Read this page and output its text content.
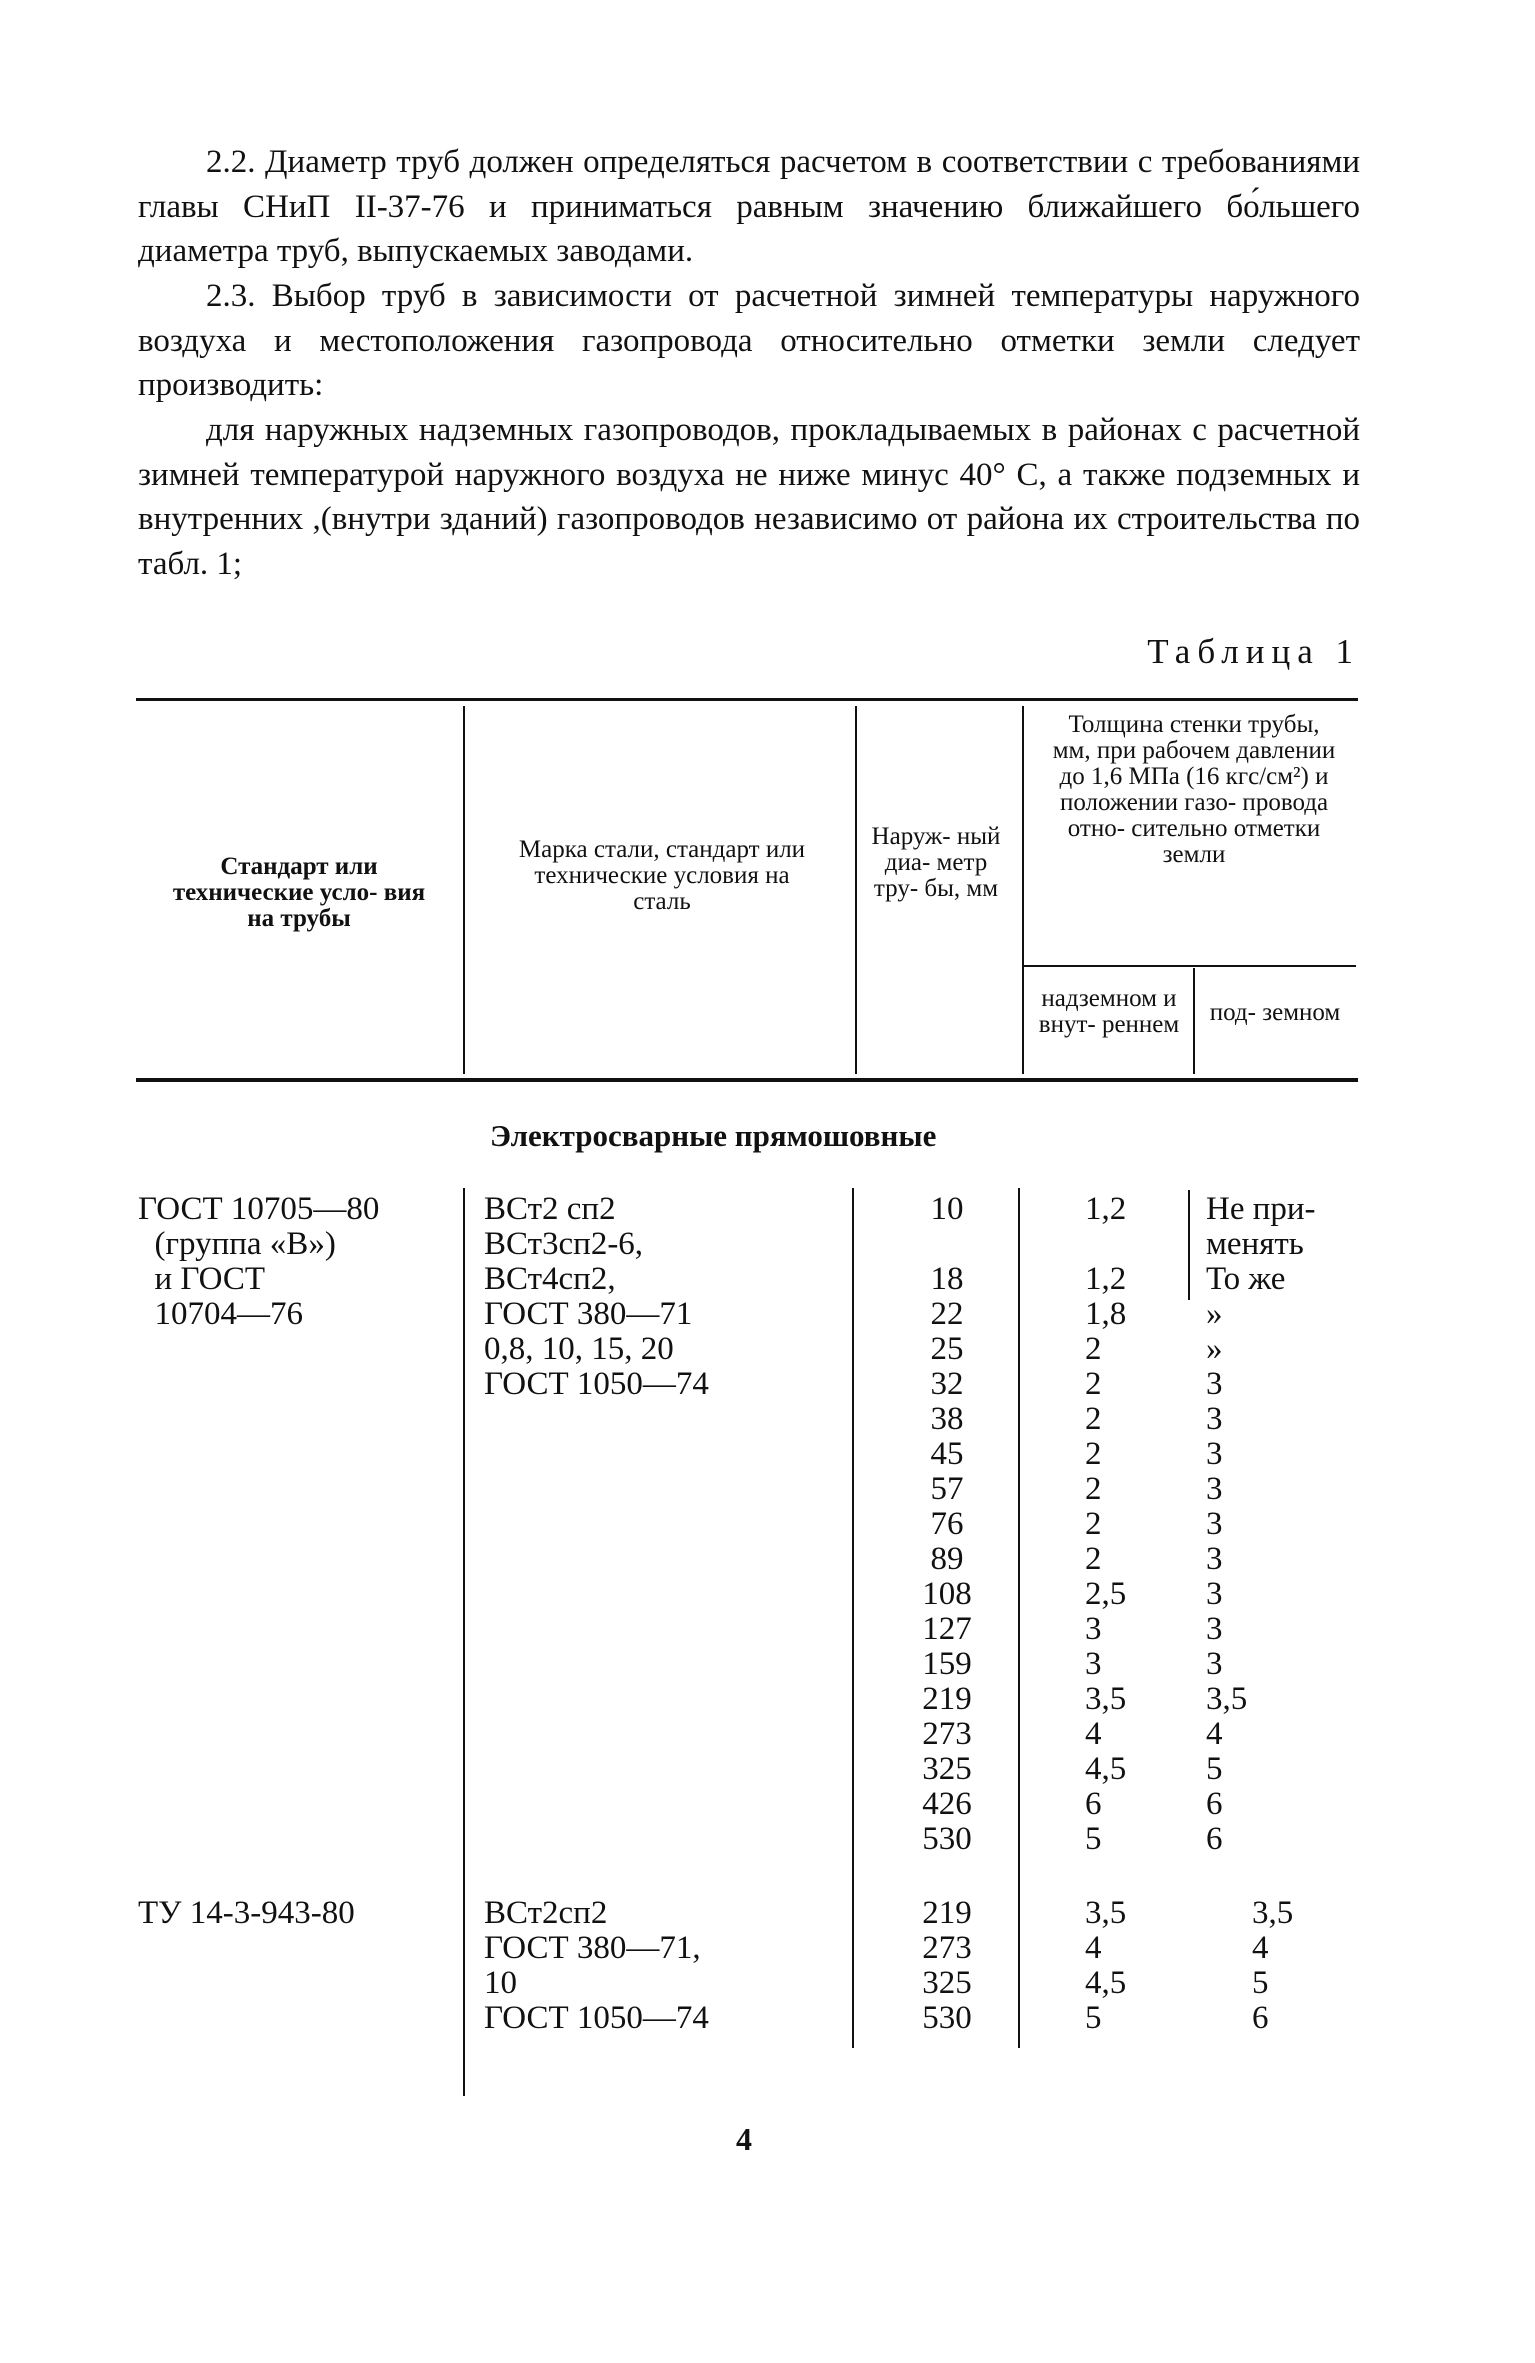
2.2. Диаметр труб должен определяться расчетом в соответствии с требованиями главы СНиП II-37-76 и приниматься равным значению ближайшего бо́льшего диаметра труб, выпускаемых заводами.

2.3. Выбор труб в зависимости от расчетной зимней температуры наружного воздуха и местоположения газопровода относительно отметки земли следует производить:

для наружных надземных газопроводов, прокладываемых в районах с расчетной зимней температурой наружного воздуха не ниже минус 40° С, а также подземных и внутренних ,(внутри зданий) газопроводов независимо от района их строительства по табл. 1;

Таблица 1
Стандарт или технические усло- вия на трубы
Марка стали, стандарт или технические условия на сталь
Наруж- ный диа- метр тру- бы, мм
Толщина стенки трубы, мм, при рабочем давлении до 1,6 МПа (16 кгс/см²) и положении газо- провода отно- сительно отметки земли
надземном и внут- реннем	под- земном
Электросварные прямошовные
ГОСТ 10705—80
(группа «В»)
и ГОСТ
10704—76
ВСт2 сп2
ВСт3сп2-6,
ВСт4сп2,
ГОСТ 380—71
0,8, 10, 15, 20
ГОСТ 1050—74
10

18
22
25
32
38
45
57
76
89
108
127
159
219
273
325
426
530
1,2

1,2
1,8
2
2
2
2
2
2
2
2,5
3
3
3,5
4
4,5
6
5
Не при-
менять
То же
»
»
3
3
3
3
3
3
3
3
3
3,5
4
5
6
6
ТУ 14-3-943-80	ВСт2сп2
ГОСТ 380—71,
10
ГОСТ 1050—74
219
273
325
530
3,5
4
4,5
5
3,5
4
5
6
4
